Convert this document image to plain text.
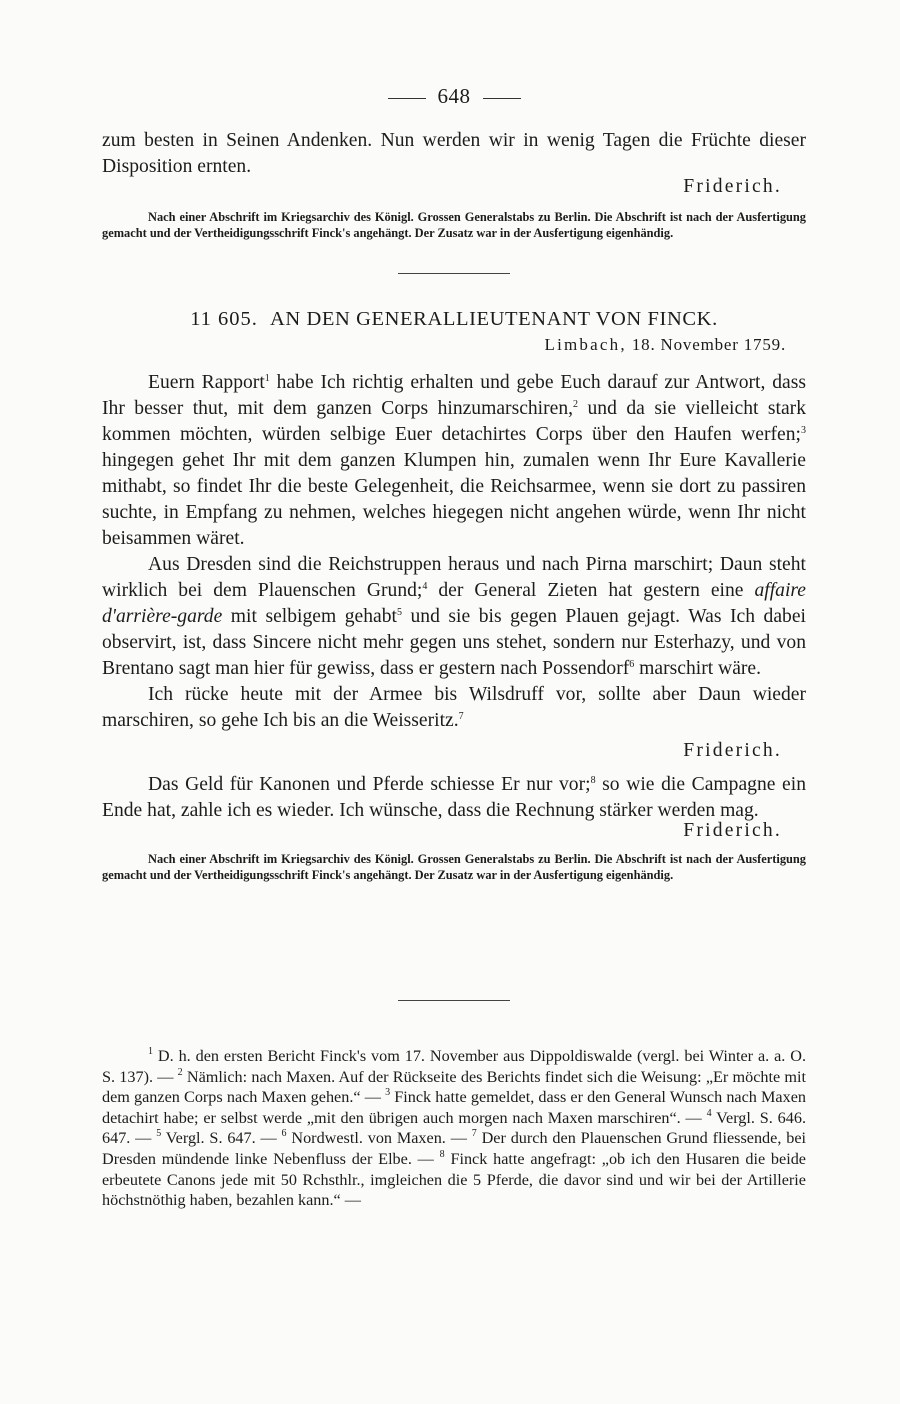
648

zum besten in Seinen Andenken. Nun werden wir in wenig Tagen die Früchte dieser Disposition ernten.

Friderich.

Nach einer Abschrift im Kriegsarchiv des Königl. Grossen Generalstabs zu Berlin. Die Abschrift ist nach der Ausfertigung gemacht und der Vertheidigungsschrift Finck's angehängt. Der Zusatz war in der Ausfertigung eigenhändig.

11 605. AN DEN GENERALLIEUTENANT VON FINCK.
Limbach, 18. November 1759.

Euern Rapport$^1$ habe Ich richtig erhalten und gebe Euch darauf zur Antwort, dass Ihr besser thut, mit dem ganzen Corps hinzumarschiren,$^2$ und da sie vielleicht stark kommen möchten, würden selbige Euer detachirtes Corps über den Haufen werfen;$^3$ hingegen gehet Ihr mit dem ganzen Klumpen hin, zumalen wenn Ihr Eure Kavallerie mithabt, so findet Ihr die beste Gelegenheit, die Reichsarmee, wenn sie dort zu passiren suchte, in Empfang zu nehmen, welches hiegegen nicht angehen würde, wenn Ihr nicht beisammen wäret.

Aus Dresden sind die Reichstruppen heraus und nach Pirna marschirt; Daun steht wirklich bei dem Plauenschen Grund;$^4$ der General Zieten hat gestern eine affaire d'arrière-garde mit selbigem gehabt$^5$ und sie bis gegen Plauen gejagt. Was Ich dabei observirt, ist, dass Sincere nicht mehr gegen uns stehet, sondern nur Esterhazy, und von Brentano sagt man hier für gewiss, dass er gestern nach Possendorf$^6$ marschirt wäre.

Ich rücke heute mit der Armee bis Wilsdruff vor, sollte aber Daun wieder marschiren, so gehe Ich bis an die Weisseritz.$^7$

Friderich.

Das Geld für Kanonen und Pferde schiesse Er nur vor;$^8$ so wie die Campagne ein Ende hat, zahle ich es wieder. Ich wünsche, dass die Rechnung stärker werden mag.

Friderich.

Nach einer Abschrift im Kriegsarchiv des Königl. Grossen Generalstabs zu Berlin. Die Abschrift ist nach der Ausfertigung gemacht und der Vertheidigungsschrift Finck's angehängt. Der Zusatz war in der Ausfertigung eigenhändig.

$^1$ D. h. den ersten Bericht Finck's vom 17. November aus Dippoldiswalde (vergl. bei Winter a. a. O. S. 137). — $^2$ Nämlich: nach Maxen. Auf der Rückseite des Berichts findet sich die Weisung: „Er möchte mit dem ganzen Corps nach Maxen gehen.“ — $^3$ Finck hatte gemeldet, dass er den General Wunsch nach Maxen detachirt habe; er selbst werde „mit den übrigen auch morgen nach Maxen marschiren“. — $^4$ Vergl. S. 646. 647. — $^5$ Vergl. S. 647. — $^6$ Nordwestl. von Maxen. — $^7$ Der durch den Plauenschen Grund fliessende, bei Dresden mündende linke Nebenfluss der Elbe. — $^8$ Finck hatte angefragt: „ob ich den Husaren die beide erbeutete Canons jede mit 50 Rchsthlr., imgleichen die 5 Pferde, die davor sind und wir bei der Artillerie höchstnöthig haben, bezahlen kann.“ —
